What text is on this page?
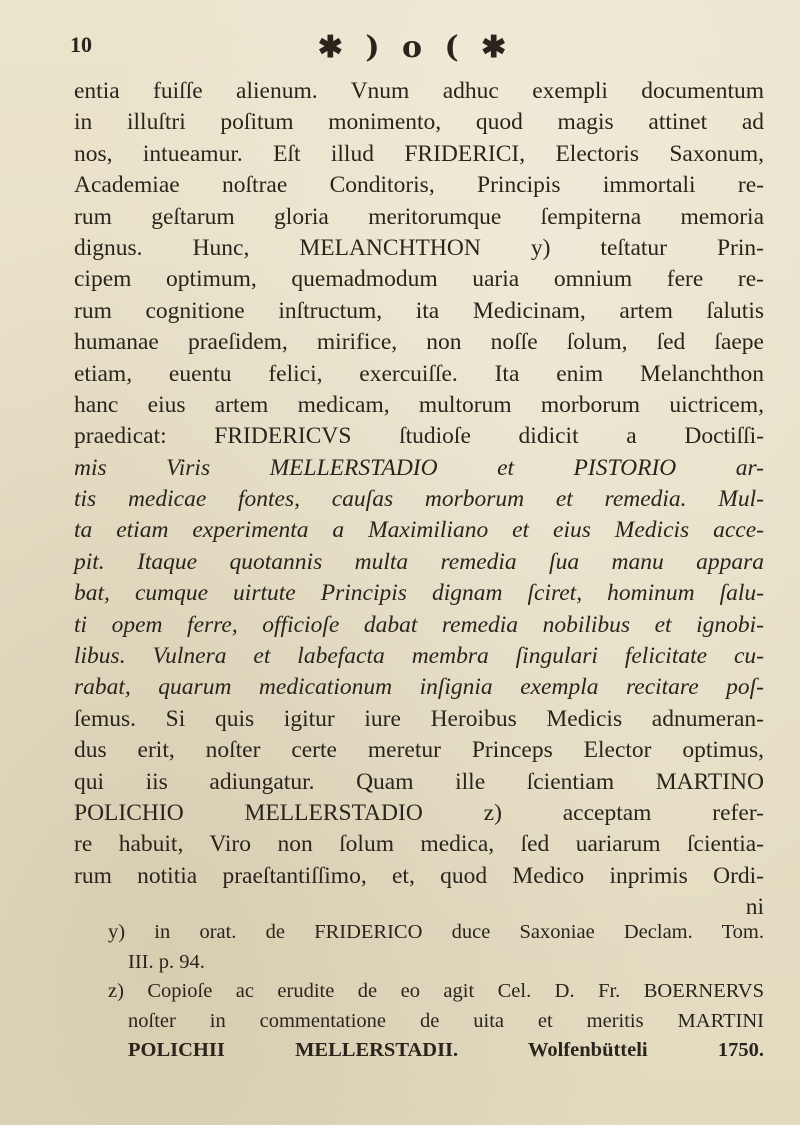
10	✱ ) o ( ✱
entia fuiſſe alienum. Vnum adhuc exempli documentum
in illuſtri poſitum monimento, quod magis attinet ad
nos, intueamur. Eſt illud FRIDERICI, Electoris Saxonum,
Academiae noſtrae Conditoris, Principis immortali re-
rum geſtarum gloria meritorumque ſempiterna memoria
dignus. Hunc, MELANCHTHON y) teſtatur Prin-
cipem optimum, quemadmodum uaria omnium fere re-
rum cognitione inſtructum, ita Medicinam, artem ſalutis
humanae praeſidem, mirifice, non noſſe ſolum, ſed ſaepe
etiam, euentu felici, exercuiſſe. Ita enim Melanchthon
hanc eius artem medicam, multorum morborum uictricem,
praedicat: FRIDERICVS ſtudioſe didicit a Doctiſſi-
mis Viris MELLERSTADIO et PISTORIO ar-
tis medicae fontes, cauſas morborum et remedia. Mul-
ta etiam experimenta a Maximiliano et eius Medicis acce-
pit. Itaque quotannis multa remedia ſua manu appara
bat, cumque uirtute Principis dignam ſciret, hominum ſalu-
ti opem ferre, officioſe dabat remedia nobilibus et ignobi-
libus. Vulnera et labefacta membra ſingulari felicitate cu-
rabat, quarum medicationum inſignia exempla recitare poſ-
ſemus. Si quis igitur iure Heroibus Medicis adnumeran-
dus erit, noſter certe meretur Princeps Elector optimus,
qui iis adiungatur. Quam ille ſcientiam MARTINO
POLICHIO MELLERSTADIO z) acceptam refer-
re habuit, Viro non ſolum medica, ſed uariarum ſcientia-
rum notitia praeſtantiſſimo, et, quod Medico inprimis Ordi-
ni
y) in orat. de FRIDERICO duce Saxoniae Declam. Tom.
III. p. 94.
z) Copioſe ac erudite de eo agit Cel. D. Fr. BOERNERVS
noſter in commentatione de uita et meritis MARTINI
POLICHII MELLERSTADII. Wolfenbütteli 1750.
